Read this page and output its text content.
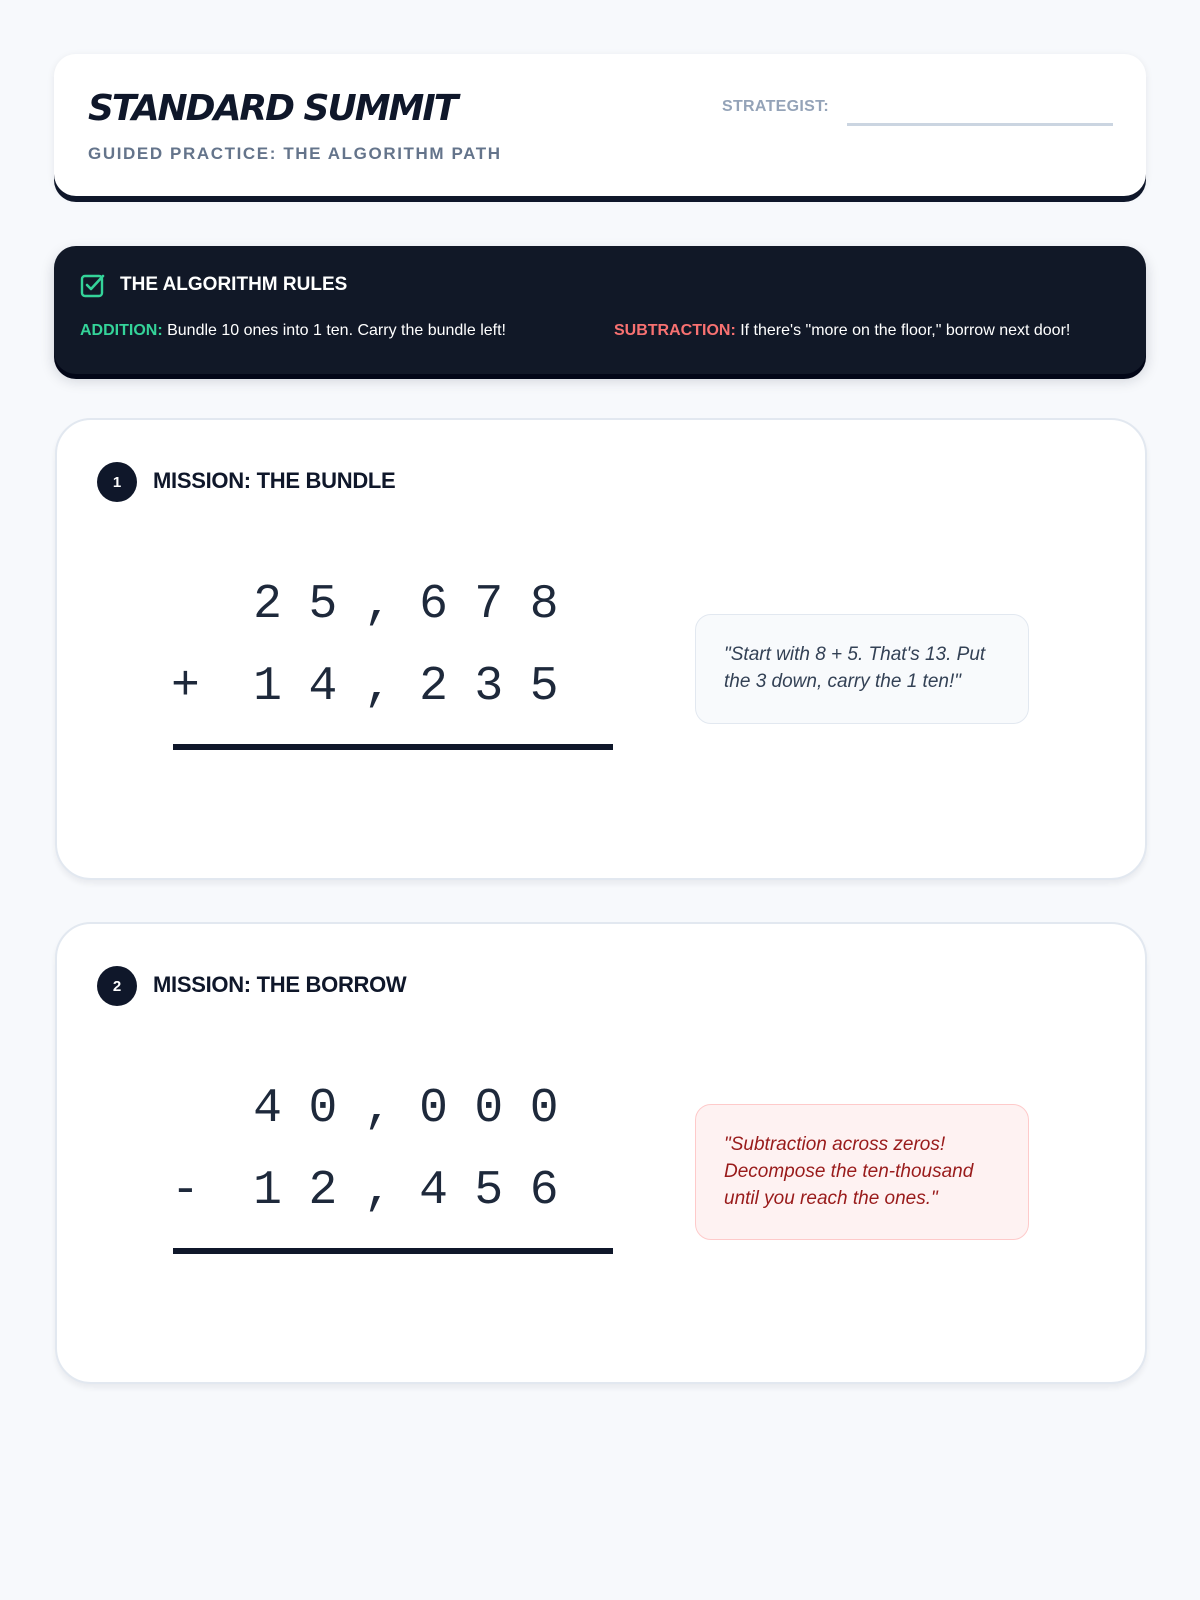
STANDARD SUMMIT
GUIDED PRACTICE: THE ALGORITHM PATH
STRATEGIST:
THE ALGORITHM RULES
ADDITION: Bundle 10 ones into 1 ten. Carry the bundle left!	SUBTRACTION: If there's "more on the floor," borrow next door!
1	MISSION: THE BUNDLE
25,678
+ 14,235
"Start with 8 + 5. That's 13. Put the 3 down, carry the 1 ten!"
2	MISSION: THE BORROW
40,000
- 12,456
"Subtraction across zeros! Decompose the ten-thousand until you reach the ones."
